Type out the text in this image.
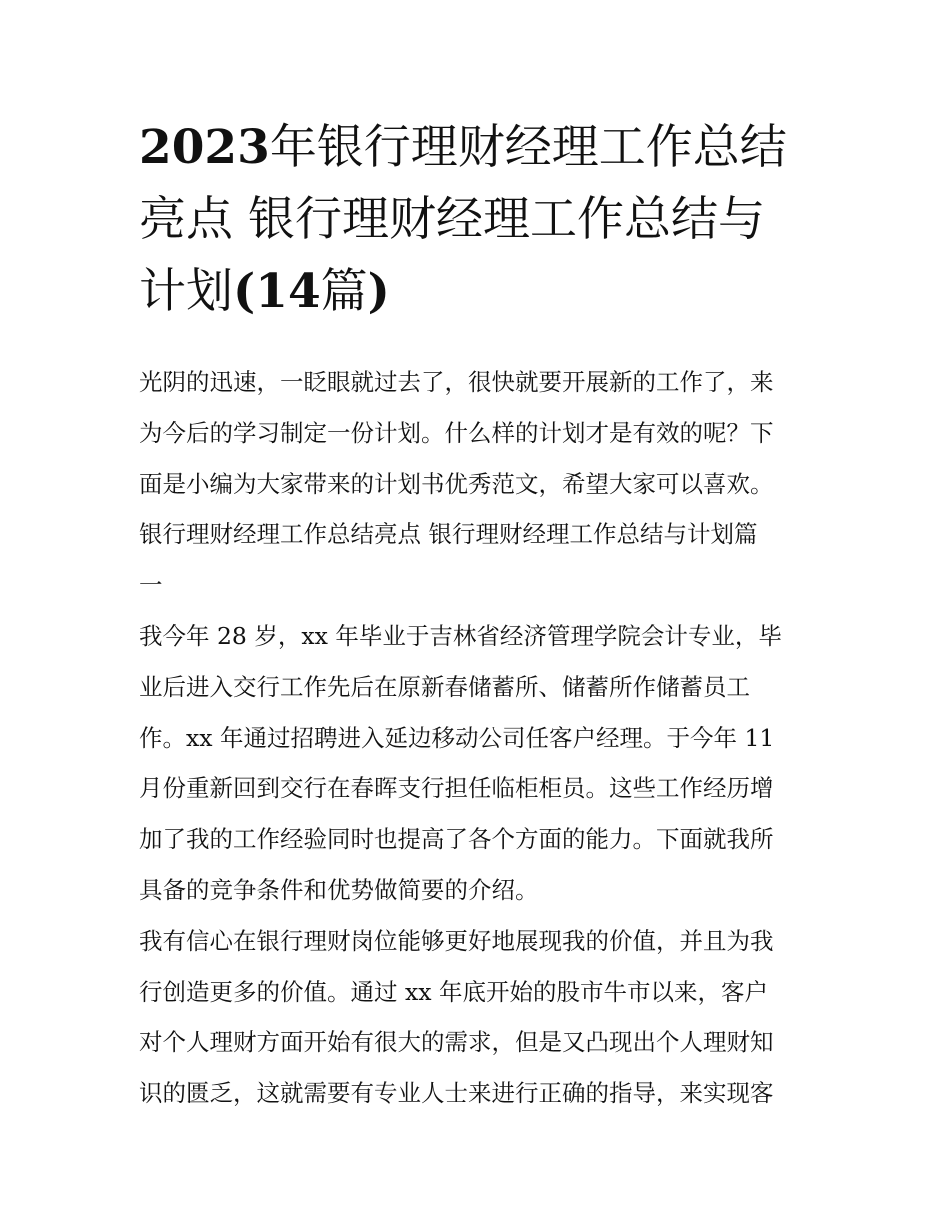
2023年银行理财经理工作总结
亮点 银行理财经理工作总结与
计划(14篇)
光阴的迅速，一眨眼就过去了，很快就要开展新的工作了，来
为今后的学习制定一份计划。什么样的计划才是有效的呢？下
面是小编为大家带来的计划书优秀范文，希望大家可以喜欢。
银行理财经理工作总结亮点 银行理财经理工作总结与计划篇
一
我今年 28 岁，xx 年毕业于吉林省经济管理学院会计专业，毕
业后进入交行工作先后在原新春储蓄所、储蓄所作储蓄员工
作。xx 年通过招聘进入延边移动公司任客户经理。于今年 11
月份重新回到交行在春晖支行担任临柜柜员。这些工作经历增
加了我的工作经验同时也提高了各个方面的能力。下面就我所
具备的竞争条件和优势做简要的介绍。
我有信心在银行理财岗位能够更好地展现我的价值，并且为我
行创造更多的价值。通过 xx 年底开始的股市牛市以来，客户
对个人理财方面开始有很大的需求，但是又凸现出个人理财知
识的匮乏，这就需要有专业人士来进行正确的指导，来实现客
